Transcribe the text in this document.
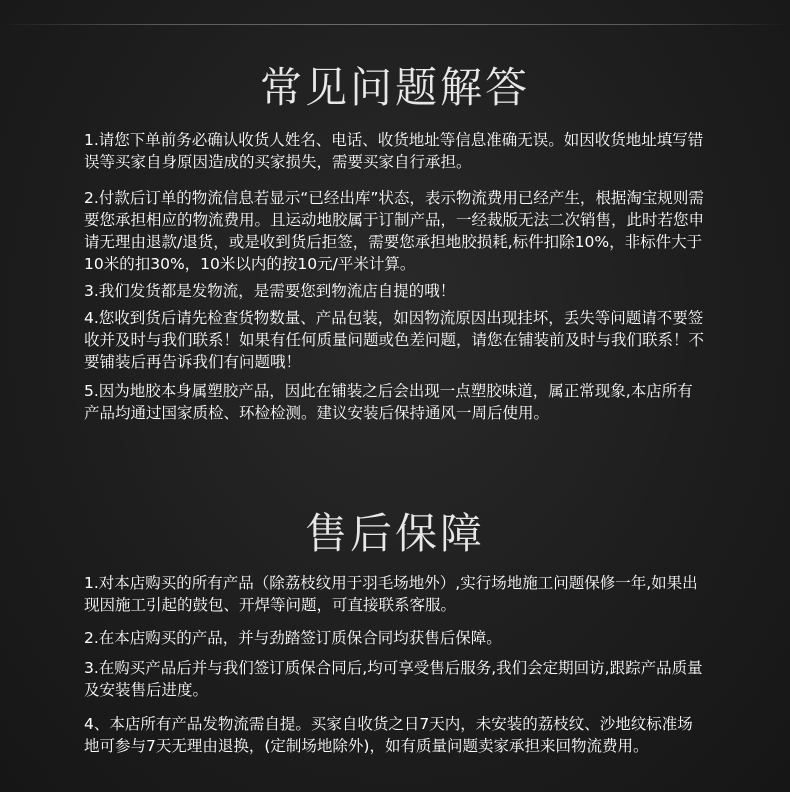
常见问题解答

1.请您下单前务必确认收货人姓名、电话、收货地址等信息准确无误。如因收货地址填写错误等买家自身原因造成的买家损失，需要买家自行承担。

2.付款后订单的物流信息若显示“已经出库”状态，表示物流费用已经产生，根据淘宝规则需要您承担相应的物流费用。且运动地胶属于订制产品，一经裁版无法二次销售，此时若您申请无理由退款/退货，或是收到货后拒签，需要您承担地胶损耗,标件扣除10%，非标件大于10米的扣30%，10米以内的按10元/平米计算。

3.我们发货都是发物流，是需要您到物流店自提的哦！

4.您收到货后请先检查货物数量、产品包装，如因物流原因出现挂坏，丢失等问题请不要签收并及时与我们联系！如果有任何质量问题或色差问题，请您在铺装前及时与我们联系！不要铺装后再告诉我们有问题哦！

5.因为地胶本身属塑胶产品，因此在铺装之后会出现一点塑胶味道，属正常现象,本店所有产品均通过国家质检、环检检测。建议安装后保持通风一周后使用。

售后保障

1.对本店购买的所有产品（除荔枝纹用于羽毛场地外）,实行场地施工问题保修一年,如果出现因施工引起的鼓包、开焊等问题，可直接联系客服。

2.在本店购买的产品，并与劲踏签订质保合同均获售后保障。

3.在购买产品后并与我们签订质保合同后,均可享受售后服务,我们会定期回访,跟踪产品质量及安装售后进度。

4、本店所有产品发物流需自提。买家自收货之日7天内，未安装的荔枝纹、沙地纹标准场地可参与7天无理由退换，(定制场地除外)，如有质量问题卖家承担来回物流费用。
